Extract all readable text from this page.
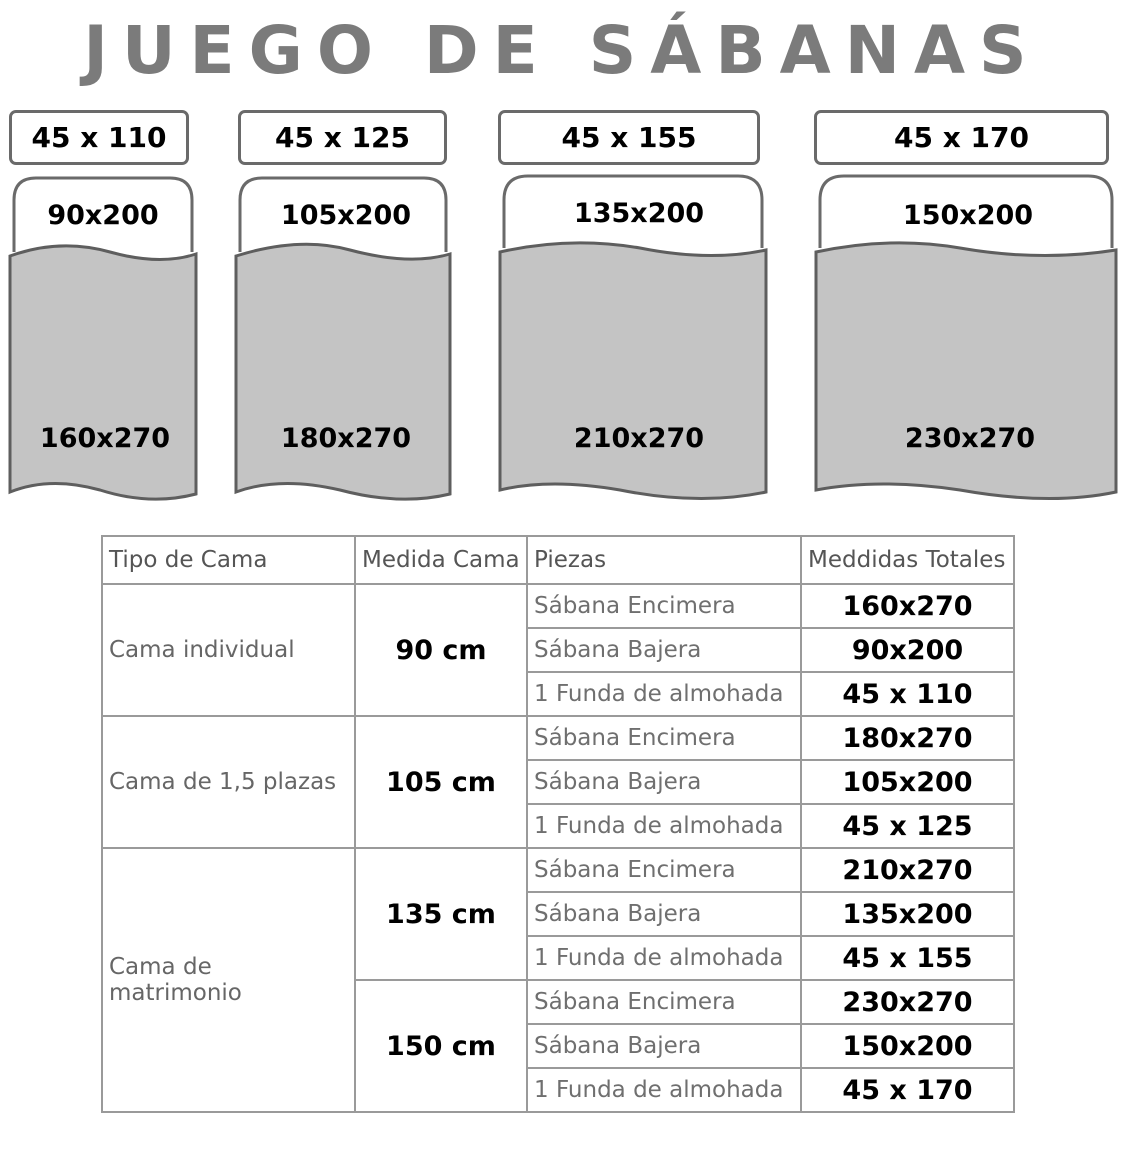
JUEGO DE SÁBANAS
45 x 110
90x200
160x270
45 x 125
105x200
180x270
45 x 155
135x200
210x270
45 x 170
150x200
230x270
Tipo de Cama	Medida Cama	Piezas	Meddidas Totales
Cama individual	90 cm	Sábana Encimera	160x270
		Sábana Bajera	90x200
		1 Funda de almohada	45 x 110
Cama de 1,5 plazas	105 cm	Sábana Encimera	180x270
		Sábana Bajera	105x200
		1 Funda de almohada	45 x 125
Cama de matrimonio	135 cm	Sábana Encimera	210x270
		Sábana Bajera	135x200
		1 Funda de almohada	45 x 155
	150 cm	Sábana Encimera	230x270
		Sábana Bajera	150x200
		1 Funda de almohada	45 x 170
